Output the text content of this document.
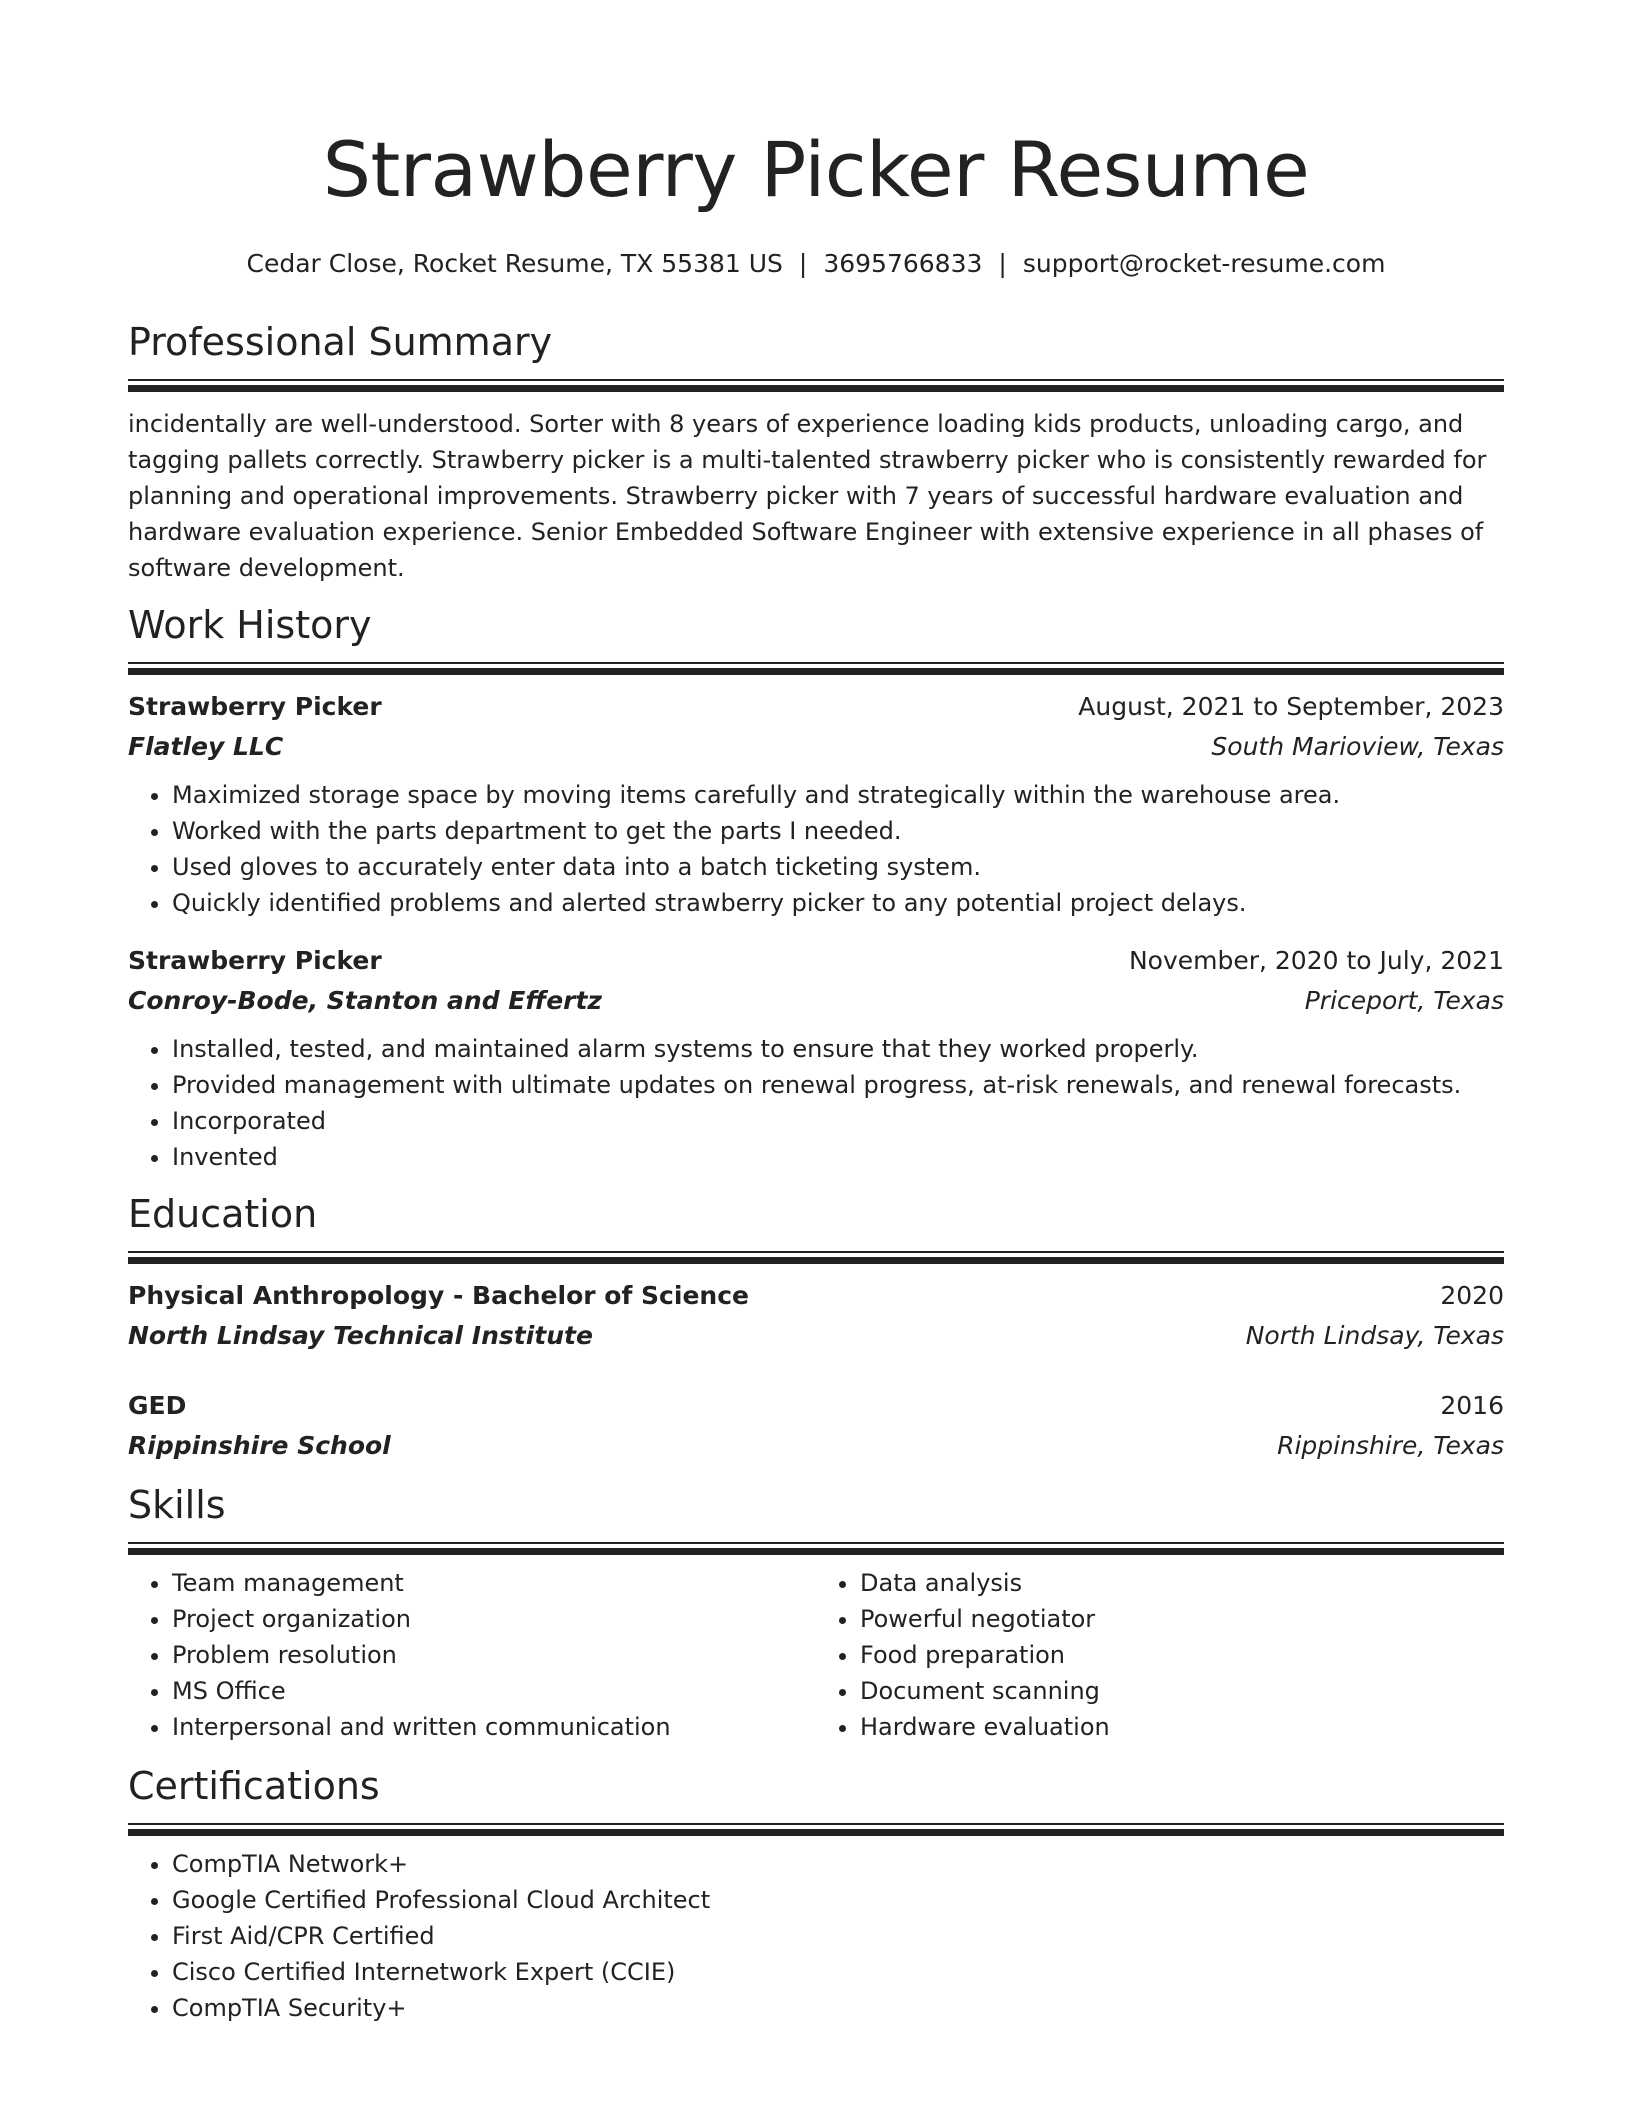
Strawberry Picker Resume
Cedar Close, Rocket Resume, TX 55381 US | 3695766833 | support@rocket-resume.com
Professional Summary

incidentally are well-understood. Sorter with 8 years of experience loading kids products, unloading cargo, and tagging pallets correctly. Strawberry picker is a multi-talented strawberry picker who is consistently rewarded for planning and operational improvements. Strawberry picker with 7 years of successful hardware evaluation and hardware evaluation experience. Senior Embedded Software Engineer with extensive experience in all phases of software development.

Work History
Strawberry Picker	August, 2021 to September, 2023
Flatley LLC	South Marioview, Texas
• Maximized storage space by moving items carefully and strategically within the warehouse area.
• Worked with the parts department to get the parts I needed.
• Used gloves to accurately enter data into a batch ticketing system.
• Quickly identified problems and alerted strawberry picker to any potential project delays.
Strawberry Picker	November, 2020 to July, 2021
Conroy-Bode, Stanton and Effertz	Priceport, Texas
• Installed, tested, and maintained alarm systems to ensure that they worked properly.
• Provided management with ultimate updates on renewal progress, at-risk renewals, and renewal forecasts.
• Incorporated
• Invented
Education
Physical Anthropology - Bachelor of Science	2020
North Lindsay Technical Institute	North Lindsay, Texas
GED	2016
Rippinshire School	Rippinshire, Texas
Skills
• Team management
• Project organization
• Problem resolution
• MS Office
• Interpersonal and written communication
• Data analysis
• Powerful negotiator
• Food preparation
• Document scanning
• Hardware evaluation
Certifications
• CompTIA Network+
• Google Certified Professional Cloud Architect
• First Aid/CPR Certified
• Cisco Certified Internetwork Expert (CCIE)
• CompTIA Security+
